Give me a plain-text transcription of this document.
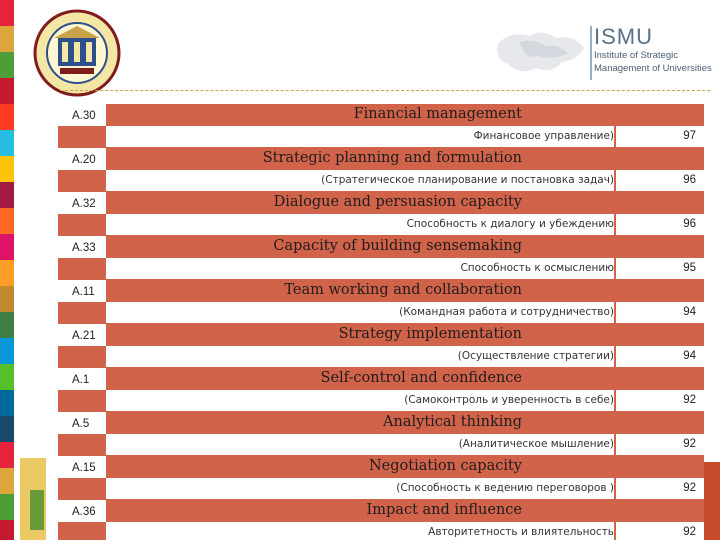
ISMU
Institute of Strategic
Management of Universities
A.30	Financial management
Финансовое управление)	97
A.20	Strategic planning and formulation
(Стратегическое планирование и постановка задач)	96
A.32	Dialogue and persuasion capacity
Способность к диалогу и убеждению	96
A.33	Capacity of building sensemaking
Способность к осмыслению	95
A.11	Team working and collaboration
(Командная работа и сотрудничество)	94
A.21	Strategy implementation
(Осуществление стратегии)	94
A.1	Self-control and confidence
(Самоконтроль и уверенность в себе)	92
A.5	Analytical thinking
(Аналитическое мышление)	92
A.15	Negotiation capacity
(Способность к ведению переговоров )	92
A.36	Impact and influence
Авторитетность и влиятельность	92
